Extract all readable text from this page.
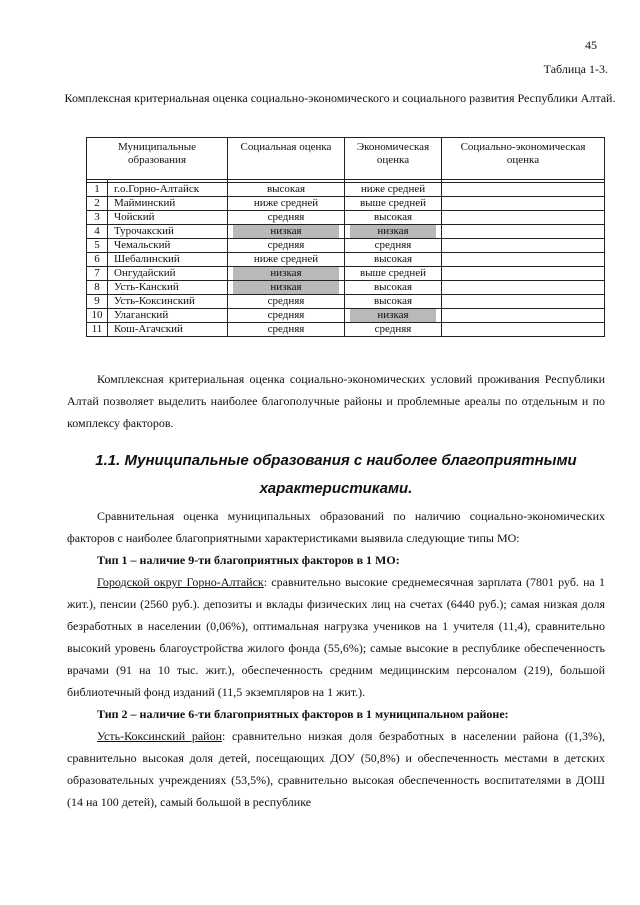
45
Таблица 1-3.
Комплексная критериальная оценка социально-экономического и социального развития Республики Алтай.
Муниципальные образования		Социальная оценка	Экономическая оценка	Социально-экономическая оценка

1	г.о.Горно-Алтайск	высокая	ниже средней	
2	Майминский	ниже средней	выше средней	
3	Чойский	средняя	высокая	
4	Турочакский	низкая	низкая	
5	Чемальский	средняя	средняя	
6	Шебалинский	ниже средней	высокая	
7	Онгудайский	низкая	выше средней	
8	Усть-Канский	низкая	высокая	
9	Усть-Коксинский	средняя	высокая	
10	Улаганский	средняя	низкая	
11	Кош-Агачский	средняя	средняя	

Комплексная критериальная оценка социально-экономических условий проживания Республики Алтай позволяет выделить наиболее благополучные районы и проблемные ареалы по отдельным и по комплексу факторов.

1.1. Муниципальные образования с наиболее благоприятными характеристиками.

Сравнительная оценка муниципальных образований по наличию социально-экономических факторов с наиболее благоприятными характеристиками выявила следующие типы МО:

Тип 1 – наличие 9-ти благоприятных факторов в 1 МО:

Городской округ Горно-Алтайск: сравнительно высокие среднемесячная зарплата (7801 руб. на 1 жит.), пенсии (2560 руб.). депозиты и вклады физических лиц на счетах (6440 руб.); самая низкая доля безработных в населении (0,06%), оптимальная нагрузка учеников на 1 учителя (11,4), сравнительно высокий уровень благоустройства жилого фонда (55,6%); самые высокие в республике обеспеченность врачами (91 на 10 тыс. жит.), обеспеченность средним медицинским персоналом (219), большой библиотечный фонд изданий (11,5 экземпляров на 1 жит.).

Тип 2 – наличие 6-ти благоприятных факторов в 1 муниципальном районе:

Усть-Коксинский район: сравнительно низкая доля безработных в населении района ((1,3%), сравнительно высокая доля детей, посещающих ДОУ (50,8%) и обеспеченность местами в детских образовательных учреждениях (53,5%), сравнительно высокая обеспеченность воспитателями в ДОШ (14 на 100 детей), самый большой в республике
